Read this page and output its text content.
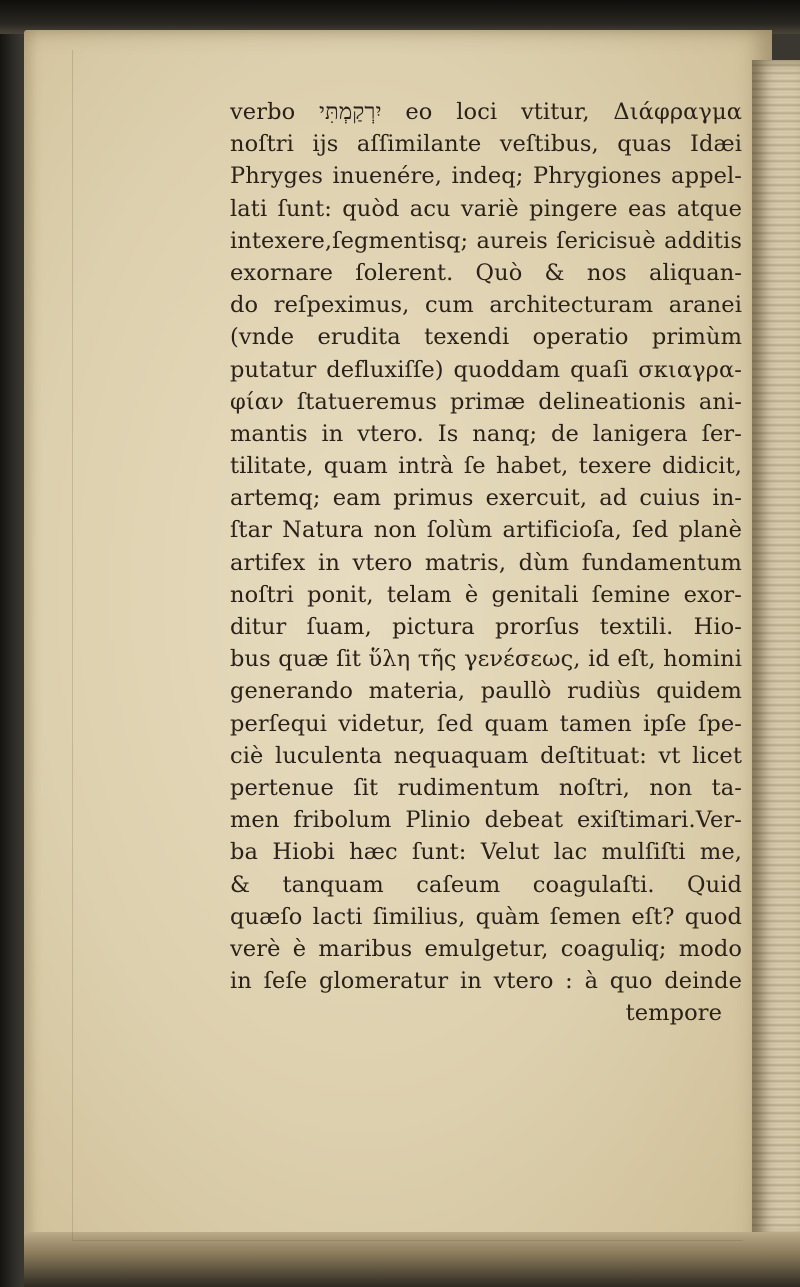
verbo יִרְקַמְתִּי eo loci vtitur, Διάφραγμα
noſtri ijs aſſimilante veſtibus, quas Idæi
Phryges inuenére, indeq; Phrygiones appel-
lati ſunt: quòd acu variè pingere eas atque
intexere,ſegmentisq; aureis ſericisuè additis
exornare ſolerent. Quò & nos aliquan-
do reſpeximus, cum architecturam aranei
(vnde erudita texendi operatio primùm
putatur defluxiſſe) quoddam quaſi σκιαγρα-
φίαν ſtatueremus primæ delineationis ani-
mantis in vtero. Is nanq; de lanigera ſer-
tilitate, quam intrà ſe habet, texere didicit,
artemq; eam primus exercuit, ad cuius in-
ſtar Natura non ſolùm artificioſa, ſed planè
artifex in vtero matris, dùm fundamentum
noſtri ponit, telam è genitali ſemine exor-
ditur ſuam, pictura prorſus textili. Hio-
bus quæ ſit ὕλη τῆς γενέσεως, id eſt, homini
generando materia, paullò rudiùs quidem
perſequi videtur, ſed quam tamen ipſe ſpe-
ciè luculenta nequaquam deſtituat: vt licet
pertenue ſit rudimentum noſtri, non ta-
men fribolum Plinio debeat exiſtimari.Ver-
ba Hiobi hæc ſunt: Velut lac mulſiſti me,
& tanquam caſeum coagulaſti. Quid
quæſo lacti ſimilius, quàm ſemen eſt? quod
verè è maribus emulgetur, coaguliq; modo
in ſeſe glomeratur in vtero : à quo deinde
tempore
